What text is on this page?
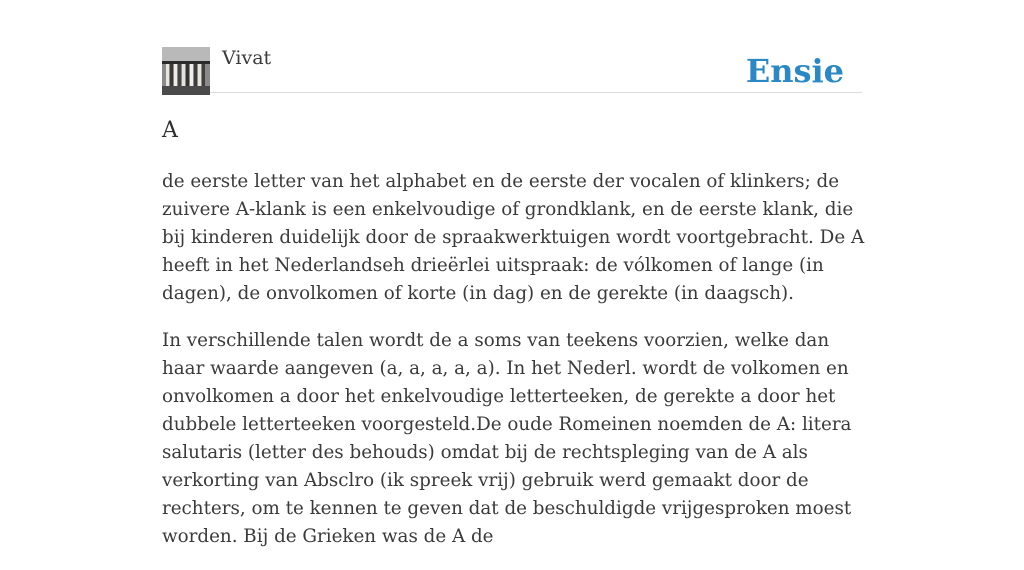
Vivat	Ensie
A

de eerste letter van het alphabet en de eerste der vocalen of klinkers; de zuivere A-klank is een enkelvoudige of grondklank, en de eerste klank, die bij kinderen duidelijk door de spraakwerktuigen wordt voortgebracht. De A heeft in het Nederlandseh drieërlei uitspraak: de vólkomen of lange (in dagen), de onvolkomen of korte (in dag) en de gerekte (in daagsch).

In verschillende talen wordt de a soms van teekens voorzien, welke dan haar waarde aangeven (a, a, a, a, a). In het Nederl. wordt de volkomen en onvolkomen a door het enkelvoudige letterteeken, de gerekte a door het dubbele letterteeken voorgesteld.De oude Romeinen noemden de A: litera salutaris (letter des behouds) omdat bij de rechtspleging van de A als verkorting van Absclro (ik spreek vrij) gebruik werd gemaakt door de rechters, om te kennen te geven dat de beschuldigde vrijgesproken moest worden. Bij de Grieken was de A de
